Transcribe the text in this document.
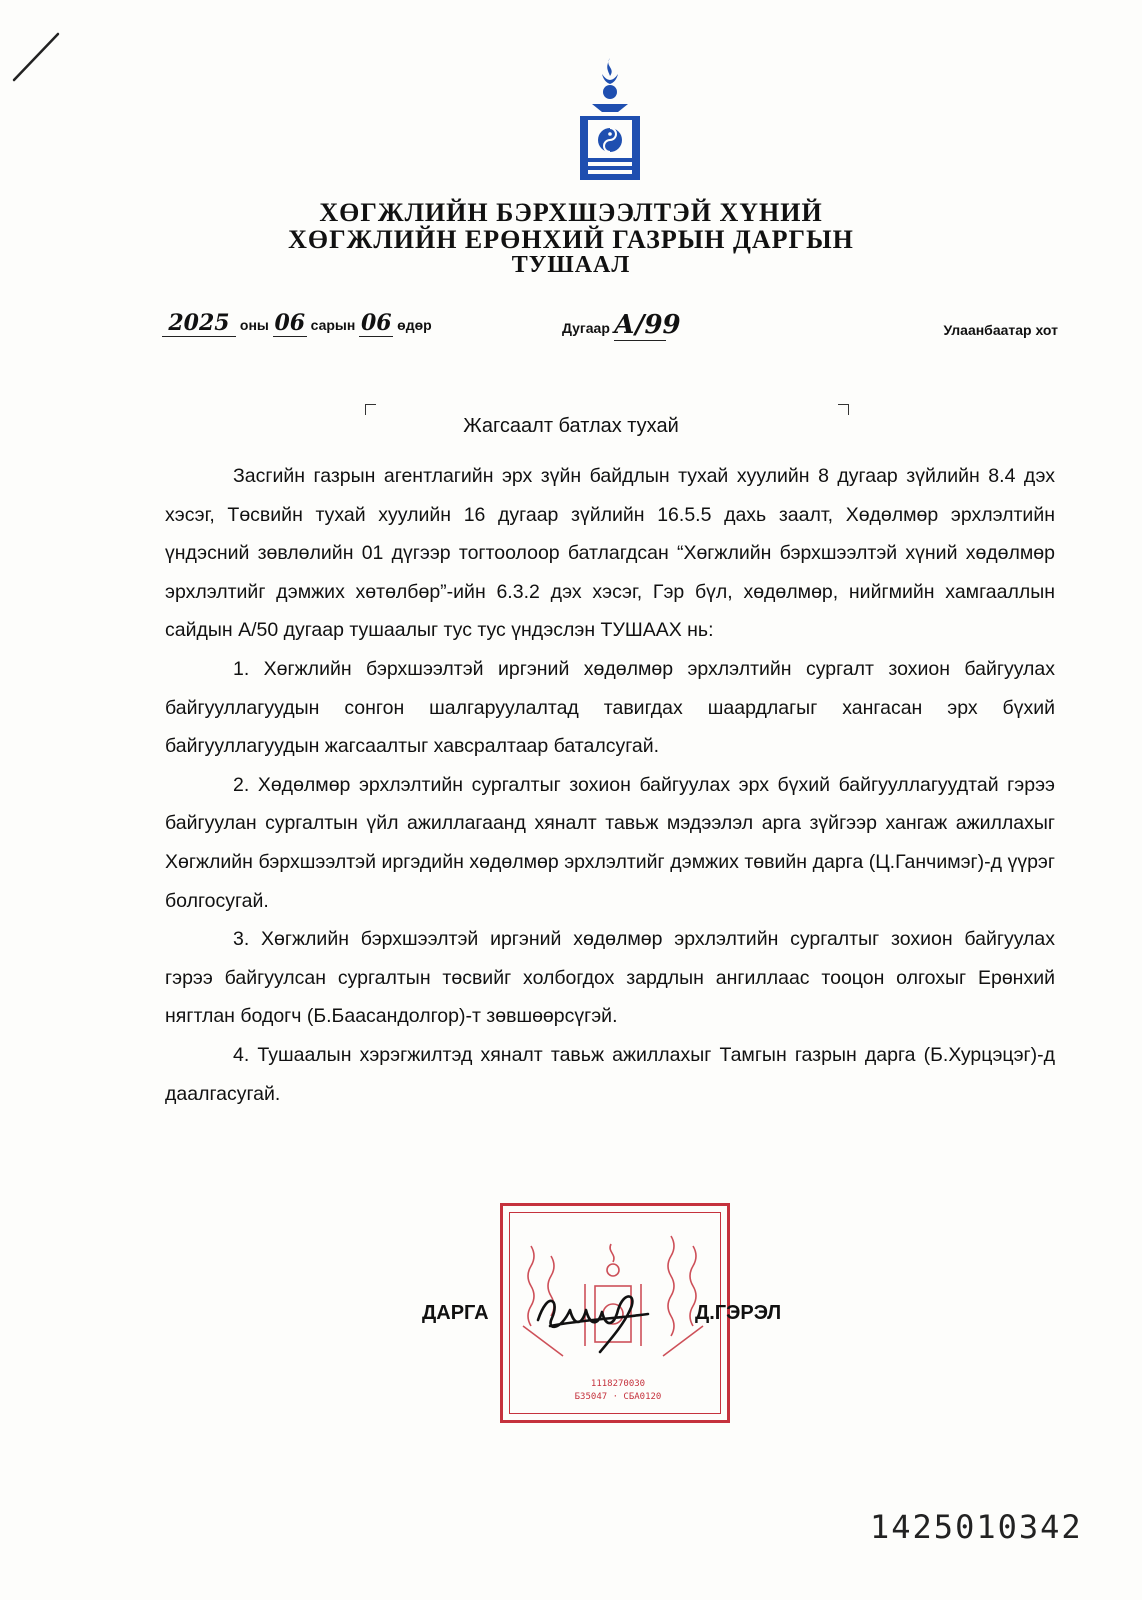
ХӨГЖЛИЙН БЭРХШЭЭЛТЭЙ ХҮНИЙ
ХӨГЖЛИЙН ЕРӨНХИЙ ГАЗРЫН ДАРГЫН
ТУШААЛ
2025 оны 06 сарын 06 өдөр	Дугаар А/99	Улаанбаатар хот
Жагсаалт батлах тухай

Засгийн газрын агентлагийн эрх зүйн байдлын тухай хуулийн 8 дугаар зүйлийн 8.4 дэх хэсэг, Төсвийн тухай хуулийн 16 дугаар зүйлийн 16.5.5 дахь заалт, Хөдөлмөр эрхлэлтийн үндэсний зөвлөлийн 01 дүгээр тогтоолоор батлагдсан “Хөгжлийн бэрхшээлтэй хүний хөдөлмөр эрхлэлтийг дэмжих хөтөлбөр”-ийн 6.3.2 дэх хэсэг, Гэр бүл, хөдөлмөр, нийгмийн хамгааллын сайдын А/50 дугаар тушаалыг тус тус үндэслэн ТУШААХ нь:

1. Хөгжлийн бэрхшээлтэй иргэний хөдөлмөр эрхлэлтийн сургалт зохион байгуулах байгууллагуудын сонгон шалгаруулалтад тавигдах шаардлагыг хангасан эрх бүхий байгууллагуудын жагсаалтыг хавсралтаар баталсугай.

2. Хөдөлмөр эрхлэлтийн сургалтыг зохион байгуулах эрх бүхий байгууллагуудтай гэрээ байгуулан сургалтын үйл ажиллагаанд хяналт тавьж мэдээлэл арга зүйгээр хангаж ажиллахыг Хөгжлийн бэрхшээлтэй иргэдийн хөдөлмөр эрхлэлтийг дэмжих төвийн дарга (Ц.Ганчимэг)-д үүрэг болгосугай.

3. Хөгжлийн бэрхшээлтэй иргэний хөдөлмөр эрхлэлтийн сургалтыг зохион байгуулах гэрээ байгуулсан сургалтын төсвийг холбогдох зардлын ангиллаас тооцон олгохыг Ерөнхий нягтлан бодогч (Б.Баасандолгор)-т зөвшөөрсүгэй.

4. Тушаалын хэрэгжилтэд хяналт тавьж ажиллахыг Тамгын газрын дарга (Б.Хурцэцэг)-д даалгасугай.

1118270030
БЗ5047 · СБА0120
ДАРГА	Д.ГЭРЭЛ
1425010342
